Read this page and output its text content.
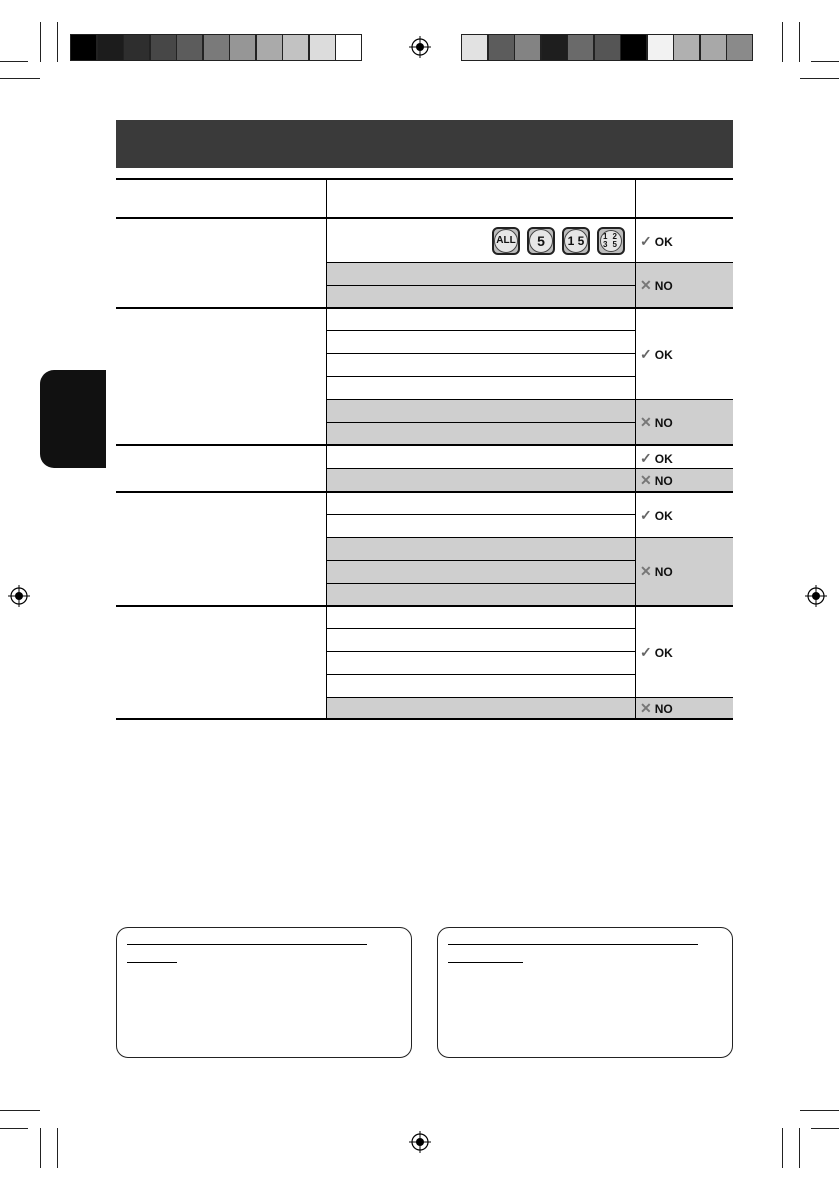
ALL 5 1 5 1 2
3 5 ✓ OK
✕ NO
✓ OK
✕ NO
✓ OK
✕ NO
✓ OK
✕ NO
✓ OK
✕ NO
